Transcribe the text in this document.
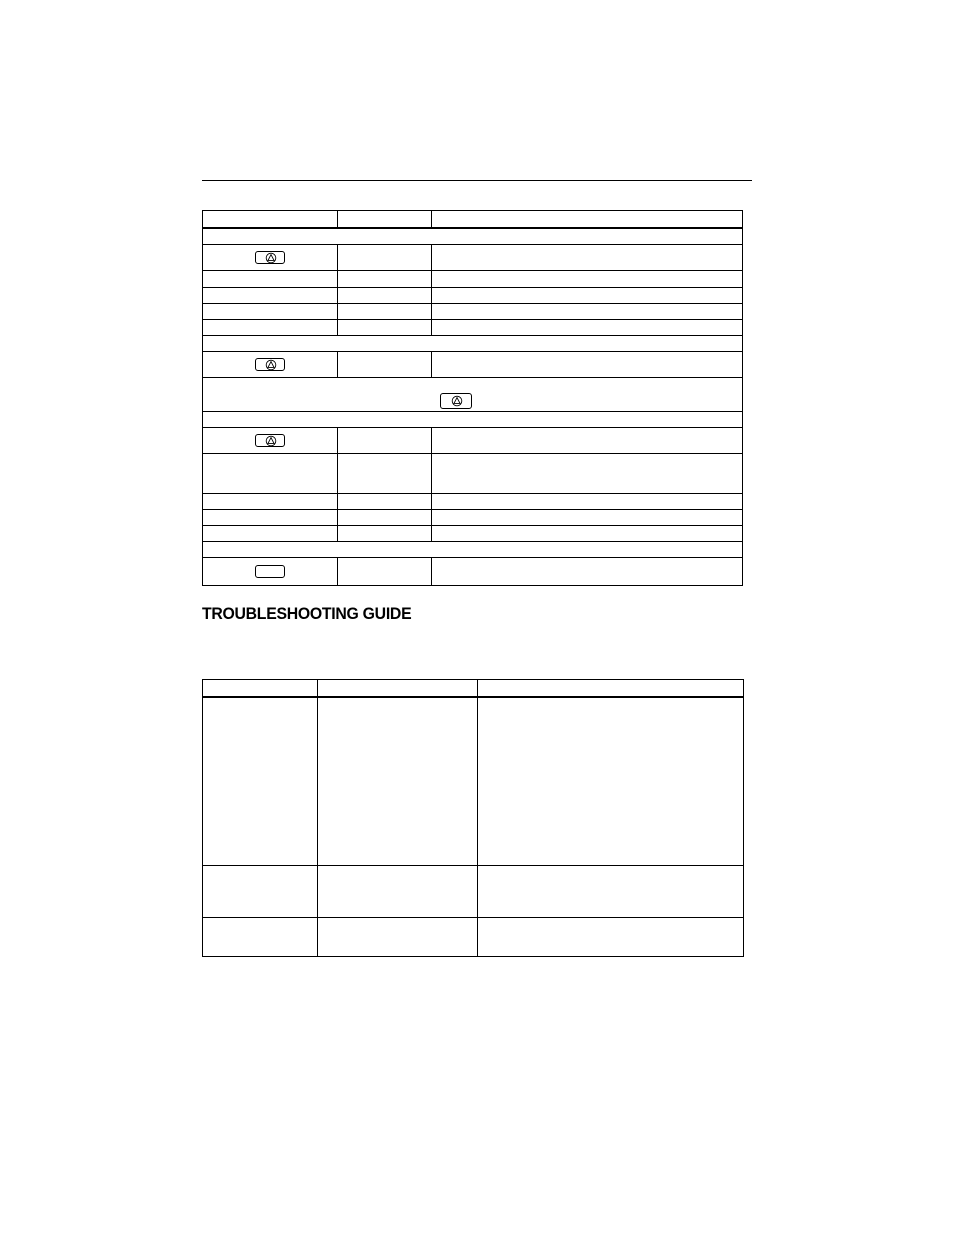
TROUBLESHOOTING GUIDE
